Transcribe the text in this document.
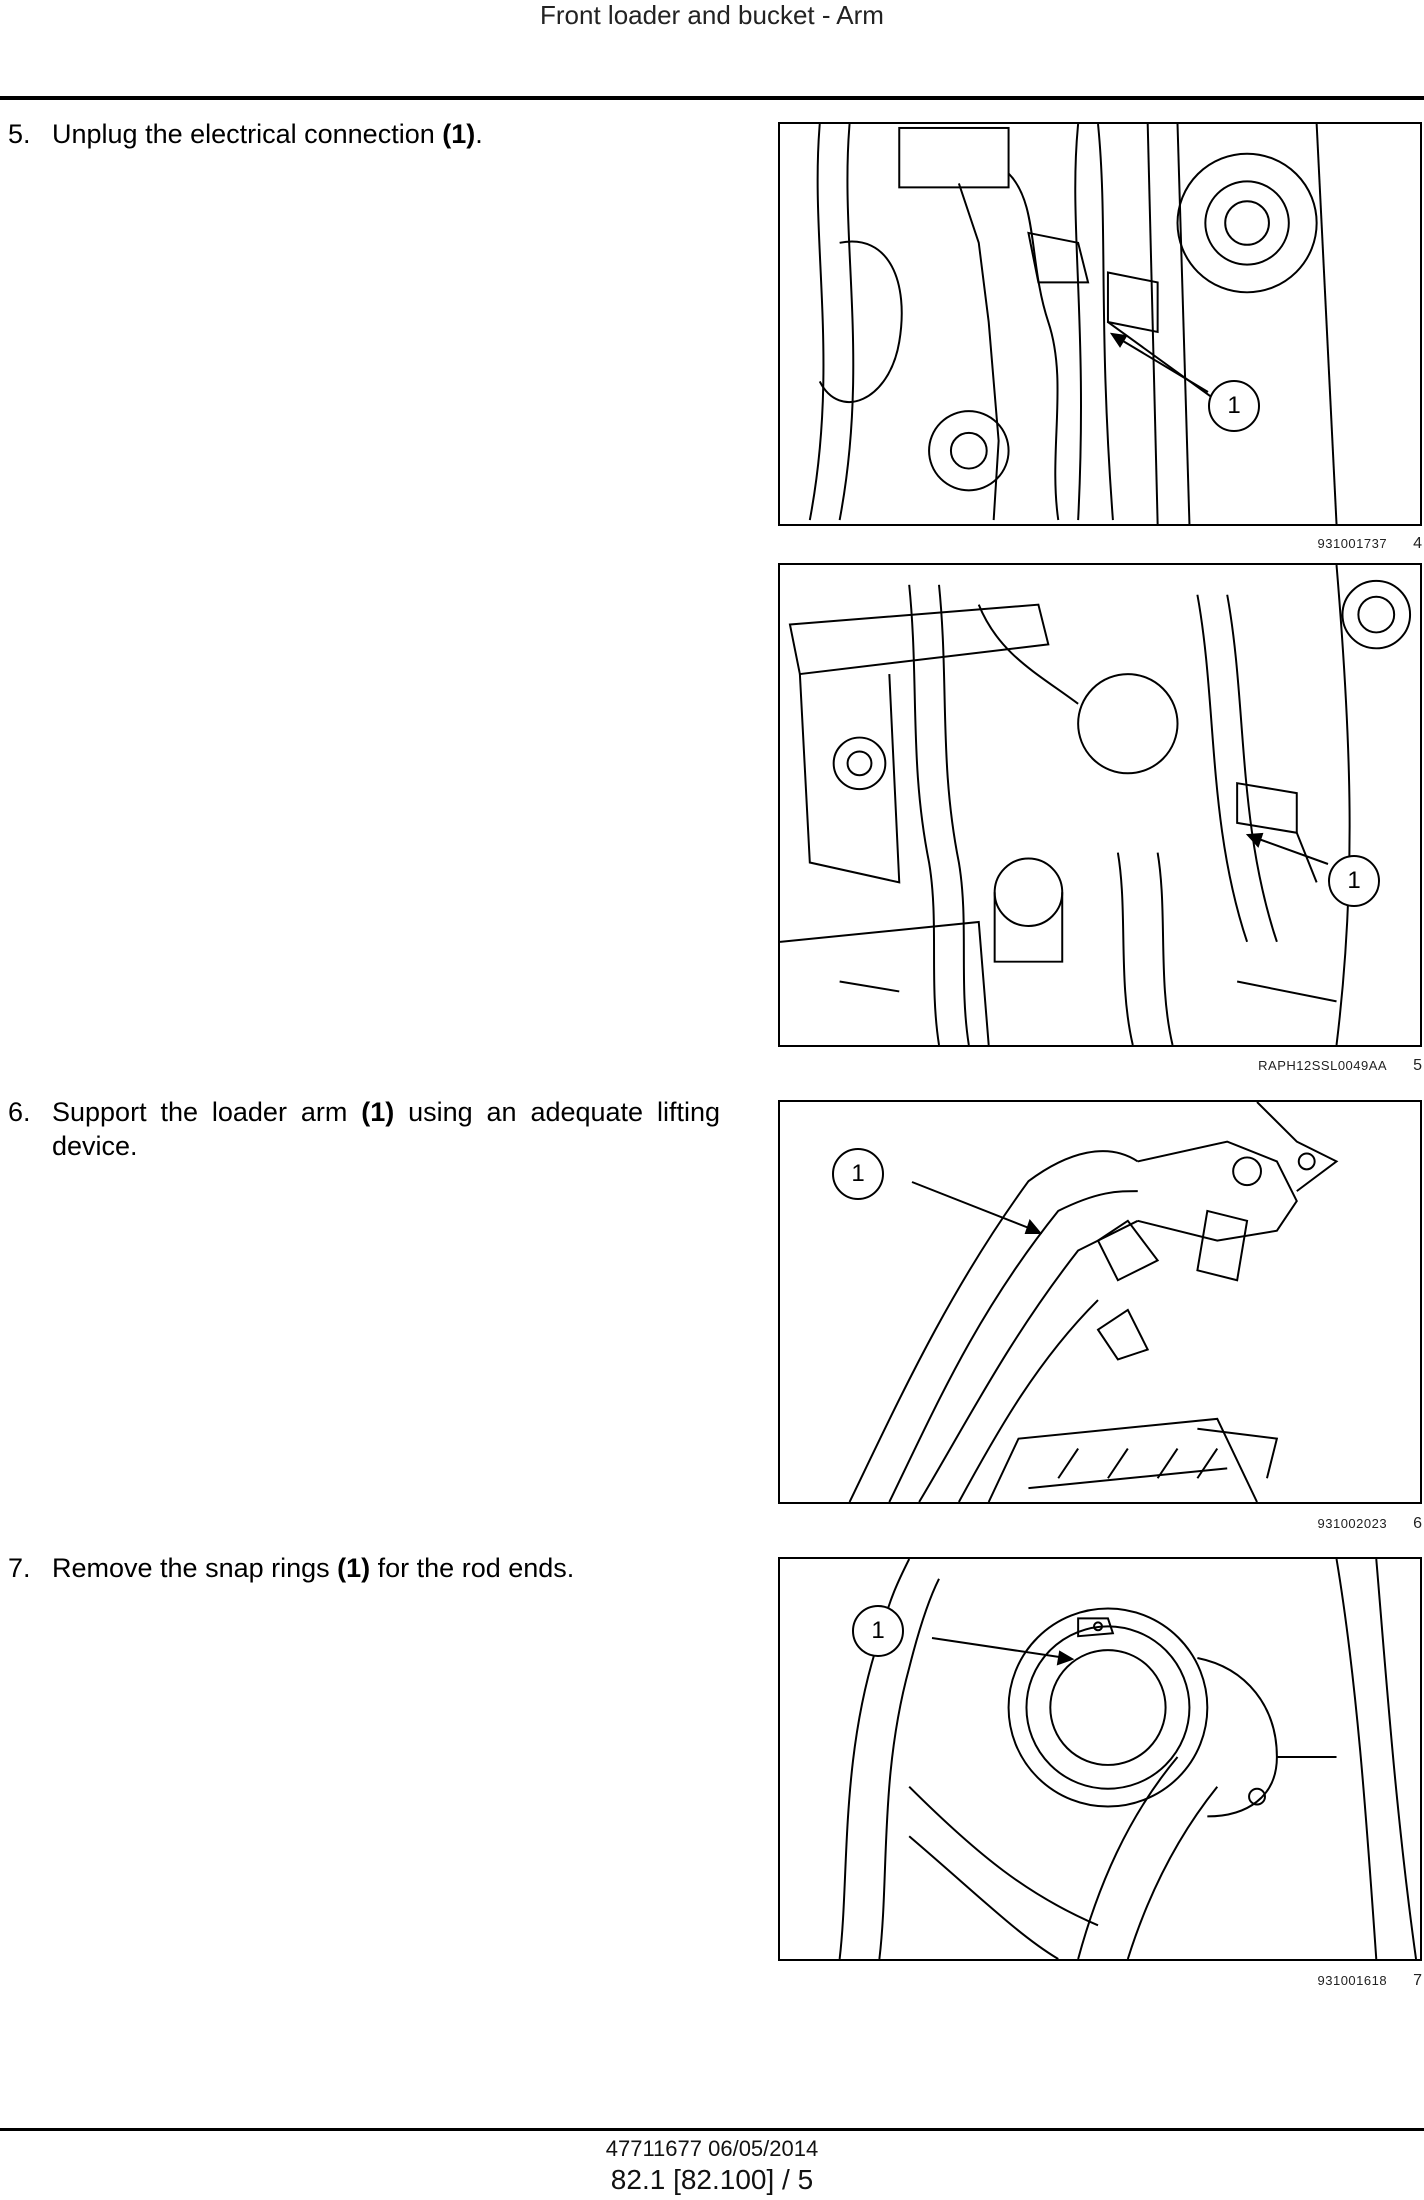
Front loader and bucket - Arm
5. Unplug the electrical connection (1).
6. Support the loader arm (1) using an adequate lifting device.
7. Remove the snap rings (1) for the rod ends.
1
931001737 4
1
RAPH12SSL0049AA 5
1
931002023 6
1
931001618 7
47711677 06/05/2014
82.1 [82.100] / 5
